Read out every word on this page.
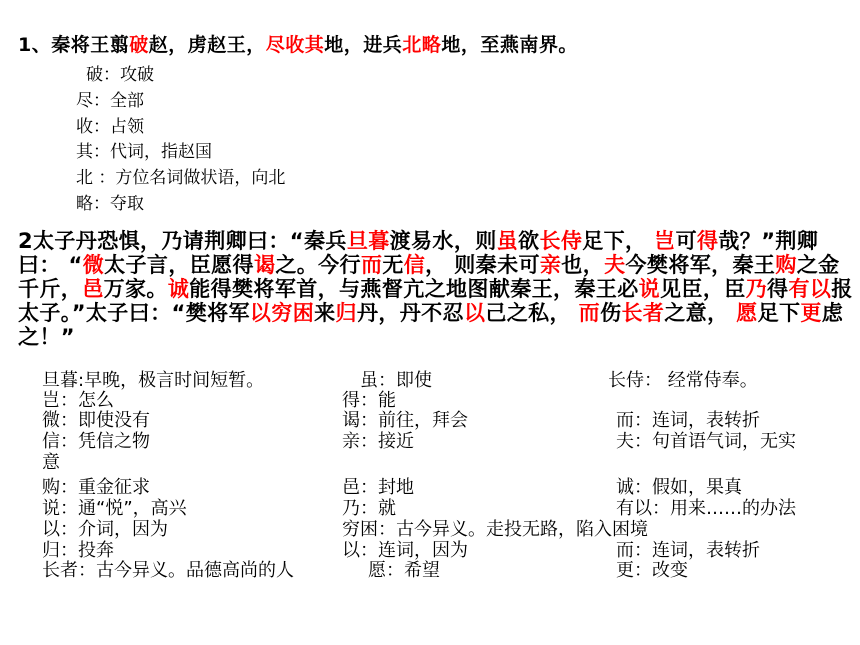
1、秦将王翦破赵，虏赵王，尽收其地，进兵北略地，至燕南界。
破：攻破
尽：全部
收：占领
其：代词，指赵国
北 ：方位名词做状语，向北
略：夺取
2太子丹恐惧，乃请荆卿曰：“秦兵旦暮渡易水，则虽欲长侍足下， 岂可得哉？”荆卿曰： “微太子言，臣愿得谒之。今行而无信， 则秦未可亲也，夫今樊将军，秦王购之金千斤，邑万家。诚能得樊将军首，与燕督亢之地图献秦王，秦王必说见臣，臣乃得有以报太子。”太子曰：“樊将军以穷困来归丹，丹不忍以己之私， 而伤长者之意， 愿足下更虑之！”
旦暮:早晚，极言时间短暂。	虽：即使	长侍： 经常侍奉。
岂：怎么	得：能
微：即使没有	谒：前往，拜会	而：连词，表转折
信：凭信之物	亲：接近	夫：句首语气词，无实
意
购：重金征求	邑：封地	诚：假如，果真
说：通“悦”，高兴	乃：就	有以：用来……的办法
以：介词，因为	穷困：古今异义。走投无路，陷入困境
归：投奔	以：连词，因为	而：连词，表转折
长者：古今异义。品德高尚的人	愿：希望	更：改变
